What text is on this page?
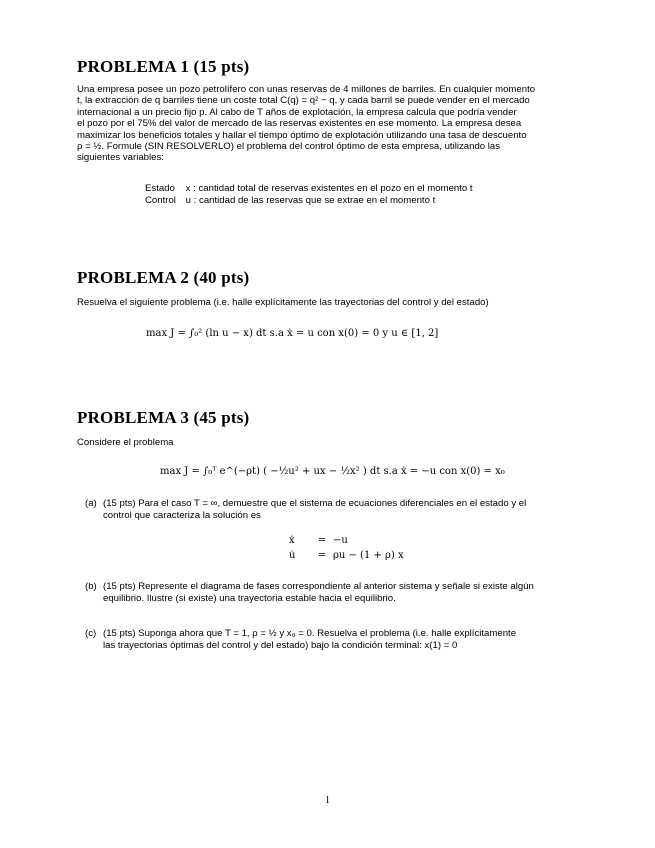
PROBLEMA 1 (15 pts)
Una empresa posee un pozo petrolífero con unas reservas de 4 millones de barriles. En cualquier momento
t, la extracción de q barriles tiene un coste total C(q) = q² − q, y cada barril se puede vender en el mercado
internacional a un precio fijo p. Al cabo de T años de explotación, la empresa calcula que podría vender
el pozo por el 75% del valor de mercado de las reservas existentes en ese momento. La empresa desea
maximizar los beneficios totales y hallar el tiempo óptimo de explotación utilizando una tasa de descuento
ρ = ½. Formule (SIN RESOLVERLO) el problema del control óptimo de esta empresa, utilizando las
siguientes variables:
Estado x : cantidad total de reservas existentes en el pozo en el momento t
Control u : cantidad de las reservas que se extrae en el momento t
PROBLEMA 2 (40 pts)
Resuelva el siguiente problema (i.e. halle explícitamente las trayectorias del control y del estado)
max J = ∫₀² (ln u − x) dt s.a ẋ = u con x(0) = 0 y u ∈ [1, 2]
PROBLEMA 3 (45 pts)
Considere el problema
max J = ∫₀ᵀ e^(−ρt) ( −½u² + ux − ½x² ) dt s.a ẋ = −u con x(0) = x₀
(a) (15 pts) Para el caso T = ∞, demuestre que el sistema de ecuaciones diferenciales en el estado y el
control que caracteriza la solución es
ẋ = −u
u̇ = ρu − (1 + ρ) x
(b) (15 pts) Represente el diagrama de fases correspondiente al anterior sistema y señale si existe algún
equilibrio. Ilustre (si existe) una trayectoria estable hacia el equilibrio.
(c) (15 pts) Suponga ahora que T = 1, ρ = ½ y x₀ = 0. Resuelva el problema (i.e. halle explícitamente
las trayectorias óptimas del control y del estado) bajo la condición terminal: x(1) = 0
1
